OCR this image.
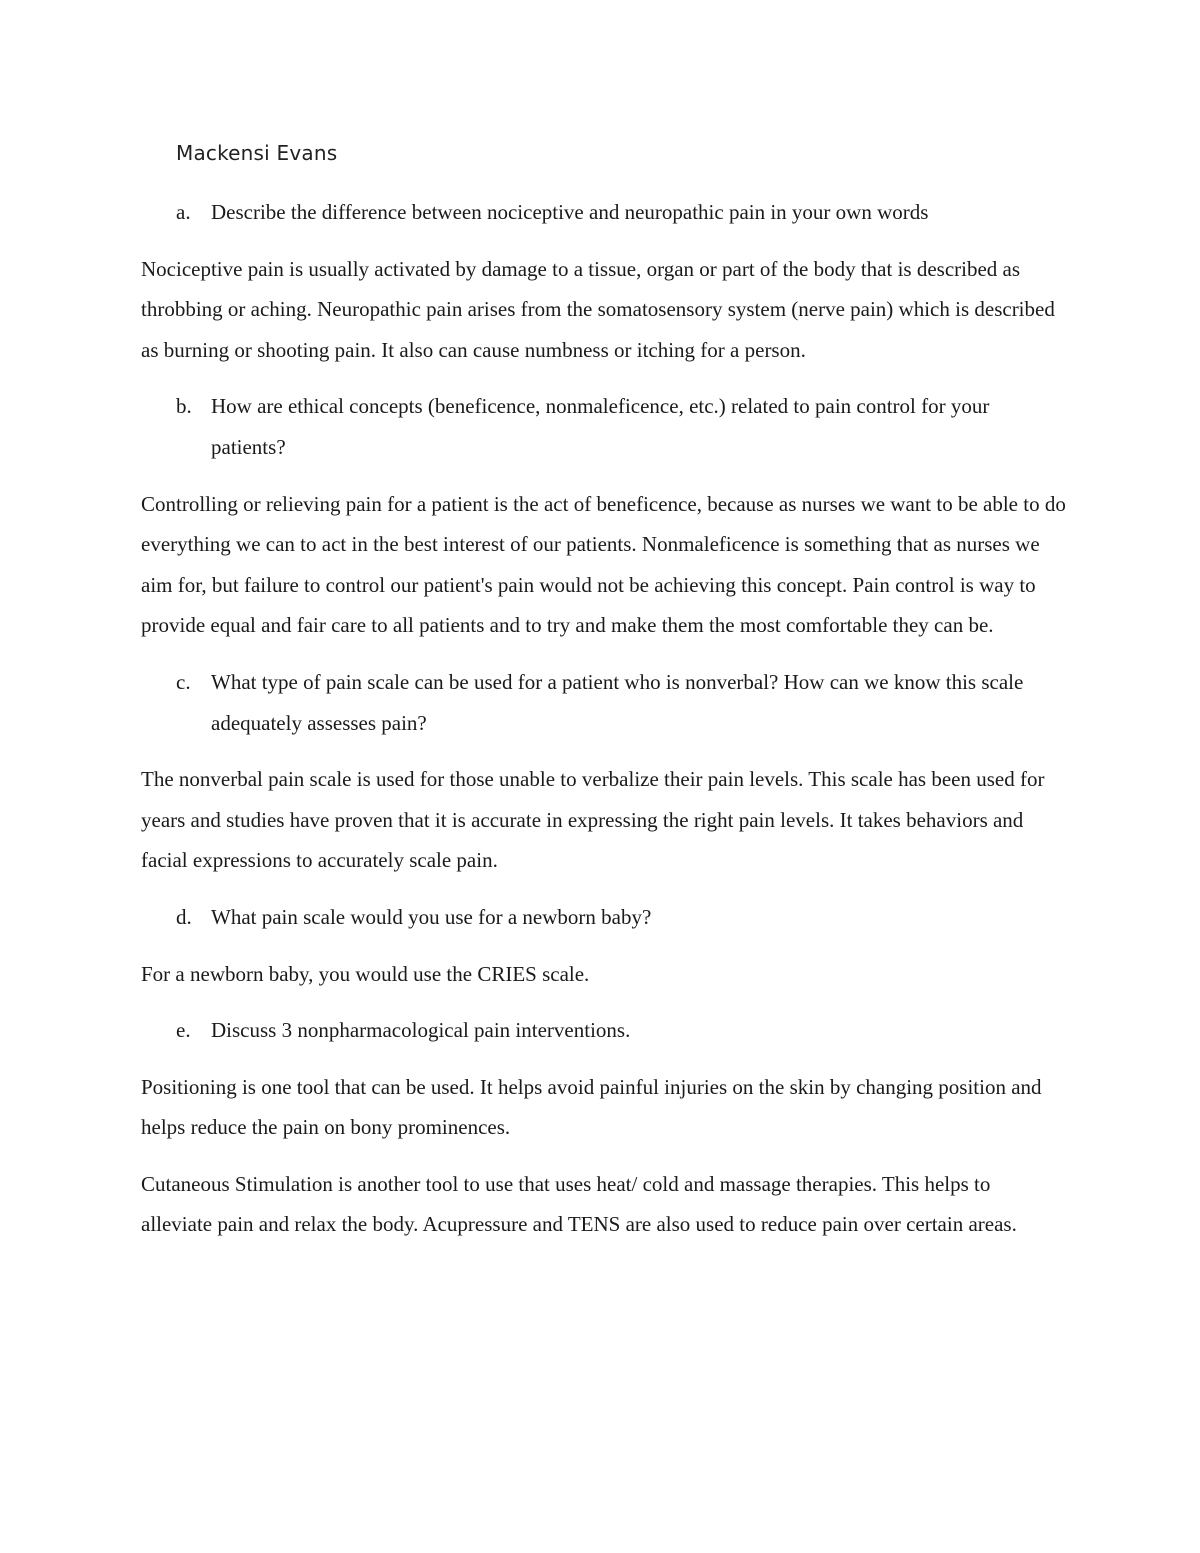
Mackensi Evans
a. Describe the difference between nociceptive and neuropathic pain in your own words

Nociceptive pain is usually activated by damage to a tissue, organ or part of the body that is described as throbbing or aching. Neuropathic pain arises from the somatosensory system (nerve pain) which is described as burning or shooting pain. It also can cause numbness or itching for a person.

b. How are ethical concepts (beneficence, nonmaleficence, etc.) related to pain control for your patients?

Controlling or relieving pain for a patient is the act of beneficence, because as nurses we want to be able to do everything we can to act in the best interest of our patients. Nonmaleficence is something that as nurses we aim for, but failure to control our patient's pain would not be achieving this concept. Pain control is way to provide equal and fair care to all patients and to try and make them the most comfortable they can be.

c. What type of pain scale can be used for a patient who is nonverbal? How can we know this scale adequately assesses pain?

The nonverbal pain scale is used for those unable to verbalize their pain levels. This scale has been used for years and studies have proven that it is accurate in expressing the right pain levels. It takes behaviors and facial expressions to accurately scale pain.

d. What pain scale would you use for a newborn baby?

For a newborn baby, you would use the CRIES scale.

e. Discuss 3 nonpharmacological pain interventions.

Positioning is one tool that can be used. It helps avoid painful injuries on the skin by changing position and helps reduce the pain on bony prominences.

Cutaneous Stimulation is another tool to use that uses heat/ cold and massage therapies. This helps to alleviate pain and relax the body. Acupressure and TENS are also used to reduce pain over certain areas.
